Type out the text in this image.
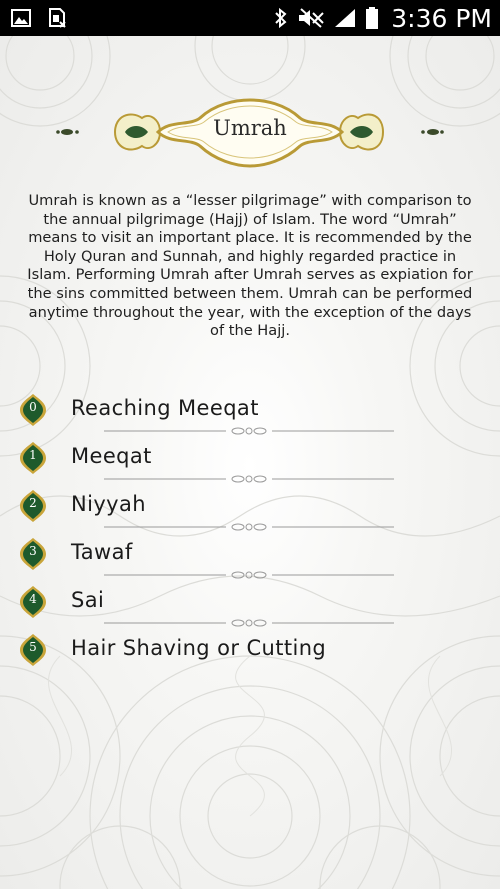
3:36 PM
Umrah

Umrah is known as a “lesser pilgrimage” with comparison to the annual pilgrimage (Hajj) of Islam. The word “Umrah” means to visit an important place. It is recommended by the Holy Quran and Sunnah, and highly regarded practice in Islam. Performing Umrah after Umrah serves as expiation for the sins committed between them. Umrah can be performed anytime throughout the year, with the exception of the days of the Hajj.

0	Reaching Meeqat
1	Meeqat
2	Niyyah
3	Tawaf
4	Sai
5	Hair Shaving or Cutting
